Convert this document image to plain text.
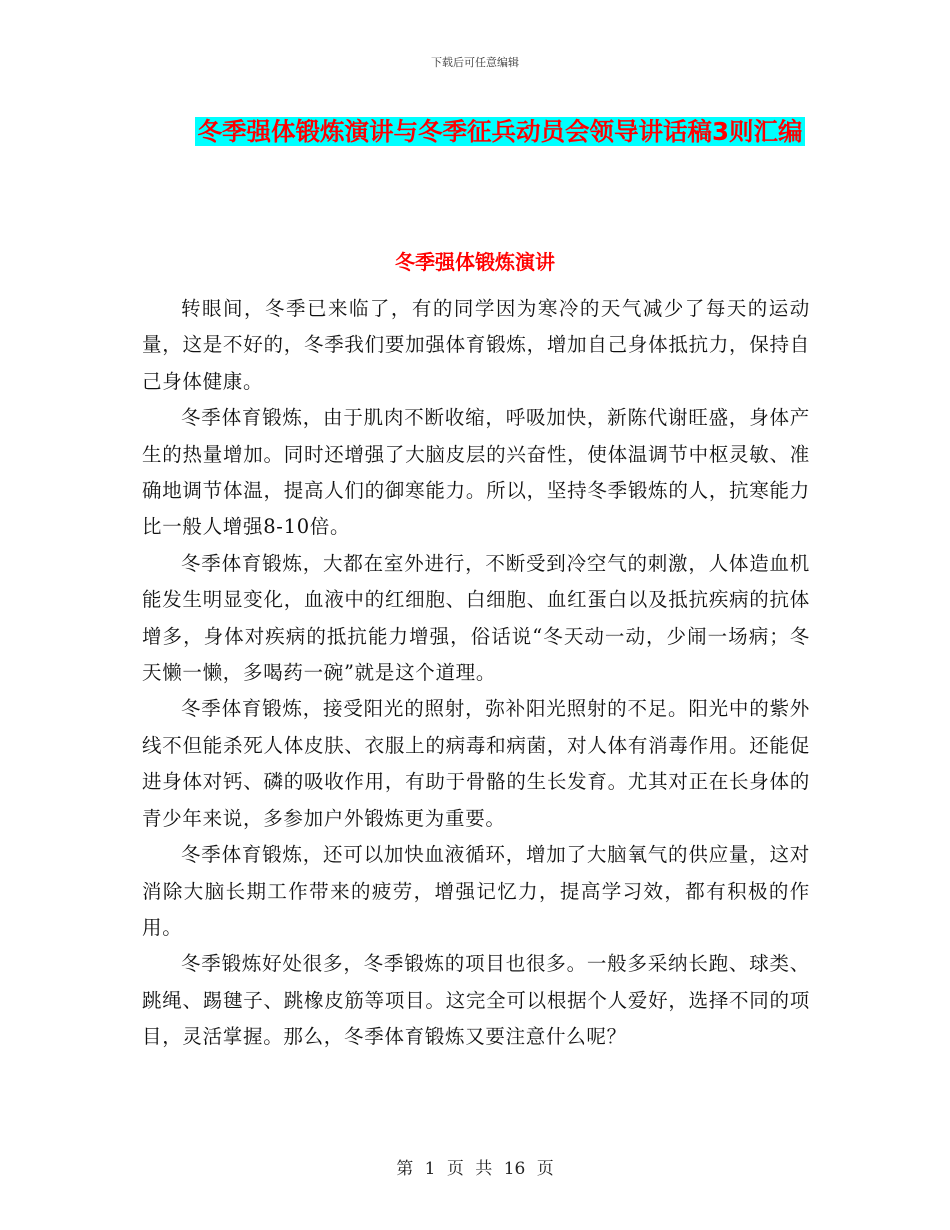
下载后可任意编辑
冬季强体锻炼演讲与冬季征兵动员会领导讲话稿3则汇编
冬季强体锻炼演讲

转眼间，冬季已来临了，有的同学因为寒冷的天气减少了每天的运动量，这是不好的，冬季我们要加强体育锻炼，增加自己身体抵抗力，保持自己身体健康。

冬季体育锻炼，由于肌肉不断收缩，呼吸加快，新陈代谢旺盛，身体产生的热量增加。同时还增强了大脑皮层的兴奋性，使体温调节中枢灵敏、准确地调节体温，提高人们的御寒能力。所以，坚持冬季锻炼的人，抗寒能力比一般人增强8-10倍。

冬季体育锻炼，大都在室外进行，不断受到冷空气的刺激，人体造血机能发生明显变化，血液中的红细胞、白细胞、血红蛋白以及抵抗疾病的抗体增多，身体对疾病的抵抗能力增强，俗话说“冬天动一动，少闹一场病；冬天懒一懒，多喝药一碗”就是这个道理。

冬季体育锻炼，接受阳光的照射，弥补阳光照射的不足。阳光中的紫外线不但能杀死人体皮肤、衣服上的病毒和病菌，对人体有消毒作用。还能促进身体对钙、磷的吸收作用，有助于骨骼的生长发育。尤其对正在长身体的青少年来说，多参加户外锻炼更为重要。

冬季体育锻炼，还可以加快血液循环，增加了大脑氧气的供应量，这对消除大脑长期工作带来的疲劳，增强记忆力，提高学习效，都有积极的作用。

冬季锻炼好处很多，冬季锻炼的项目也很多。一般多采纳长跑、球类、跳绳、踢毽子、跳橡皮筋等项目。这完全可以根据个人爱好，选择不同的项目，灵活掌握。那么，冬季体育锻炼又要注意什么呢？

第 1 页 共 16 页
